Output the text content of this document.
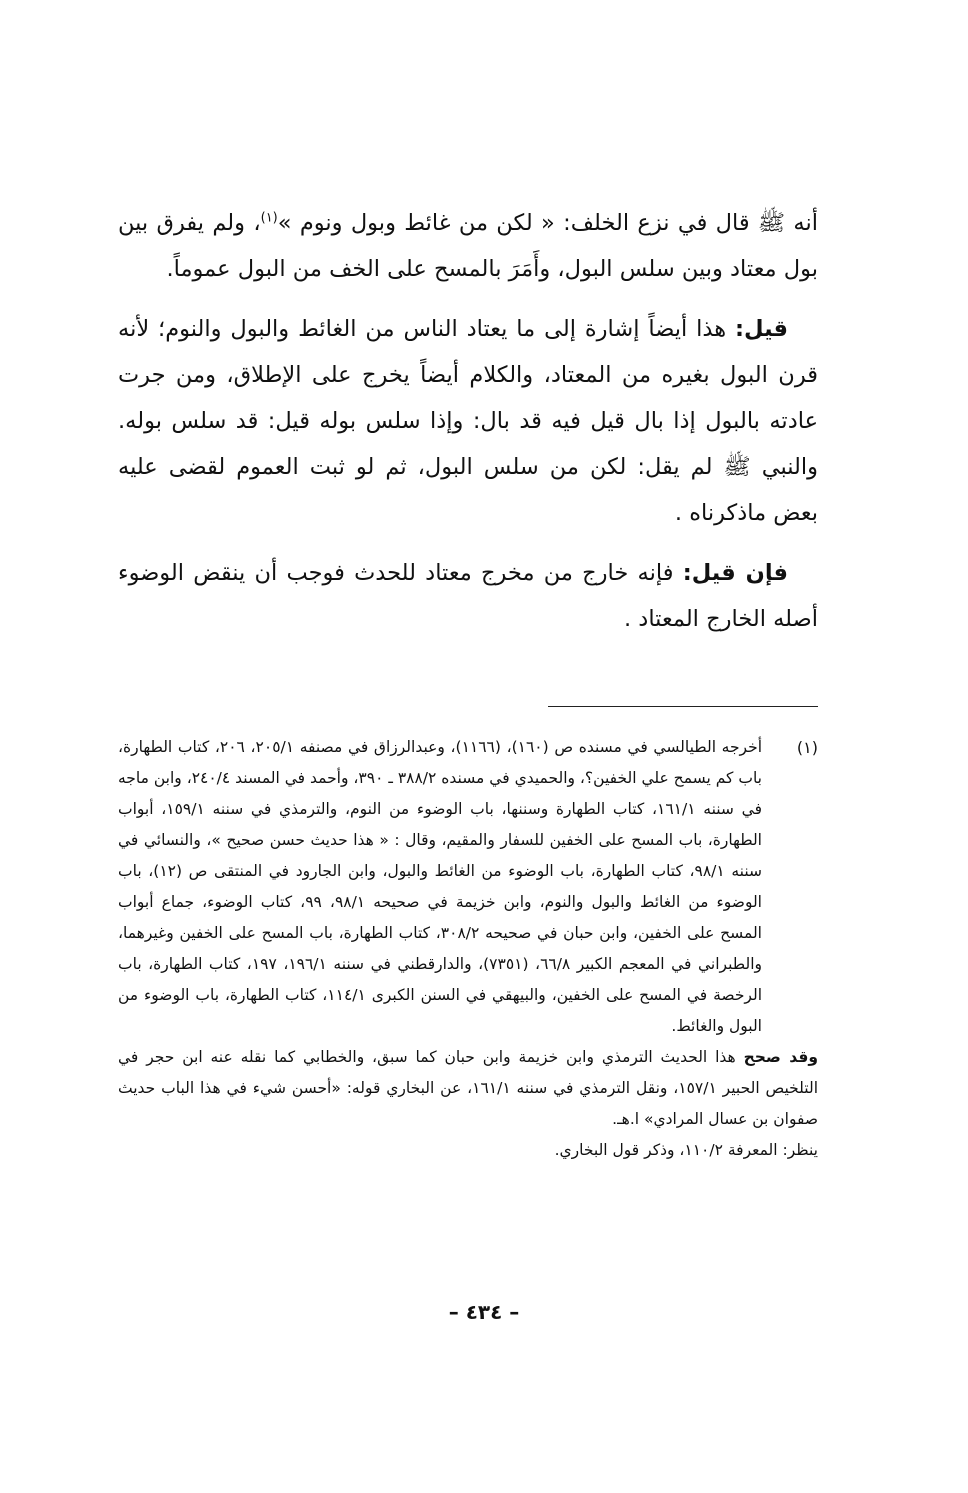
أنه ﷺ قال في نزع الخلف: « لكن من غائط وبول ونوم »$^{(١)}$، ولم يفرق بين بول معتاد وبين سلس البول، وأَمَرَ بالمسح على الخف من البول عموماً.

قيل: هذا أيضاً إشارة إلى ما يعتاد الناس من الغائط والبول والنوم؛ لأنه قرن البول بغيره من المعتاد، والكلام أيضاً يخرج على الإطلاق، ومن جرت عادته بالبول إذا بال قيل فيه قد بال: وإذا سلس بوله قيل: قد سلس بوله. والنبي ﷺ لم يقل: لكن من سلس البول، ثم لو ثبت العموم لقضى عليه بعض ماذكرناه .

فإن قيل: فإنه خارج من مخرج معتاد للحدث فوجب أن ينقض الوضوء أصله الخارج المعتاد .

(١)
أخرجه الطيالسي في مسنده ص (١٦٠)، (١١٦٦)، وعبدالرزاق في مصنفه ٢٠٥/١، ٢٠٦، كتاب الطهارة، باب كم يسمح علي الخفين؟، والحميدي في مسنده ٣٨٨/٢ ـ ٣٩٠، وأحمد في المسند ٢٤٠/٤، وابن ماجه في سننه ١٦١/١، كتاب الطهارة وسننها، باب الوضوء من النوم، والترمذي في سننه ١٥٩/١، أبواب الطهارة، باب المسح على الخفين للسفار والمقيم، وقال : « هذا حديث حسن صحيح »، والنسائي في سننه ٩٨/١، كتاب الطهارة، باب الوضوء من الغائط والبول، وابن الجارود في المنتقى ص (١٢)، باب الوضوء من الغائط والبول والنوم، وابن خزيمة في صحيحه ٩٨/١، ٩٩، كتاب الوضوء، جماع أبواب المسح على الخفين، وابن حبان في صحيحه ٣٠٨/٢، كتاب الطهارة، باب المسح على الخفين وغيرهما، والطبراني في المعجم الكبير ٦٦/٨، (٧٣٥١)، والدارقطني في سننه ١٩٦/١، ١٩٧، كتاب الطهارة، باب الرخصة في المسح على الخفين، والبيهقي في السنن الكبرى ١١٤/١، كتاب الطهارة، باب الوضوء من البول والغائط.

وقد صحح هذا الحديث الترمذي وابن خزيمة وابن حبان كما سبق، والخطابي كما نقله عنه ابن حجر في التلخيص الحبير ١٥٧/١، ونقل الترمذي في سننه ١٦١/١، عن البخاري قوله: «أحسن شيء في هذا الباب حديث صفوان بن عسال المرادي» ا.هـ.

ينظر: المعرفة ١١٠/٢، وذكر قول البخاري.

– ٤٣٤ –
